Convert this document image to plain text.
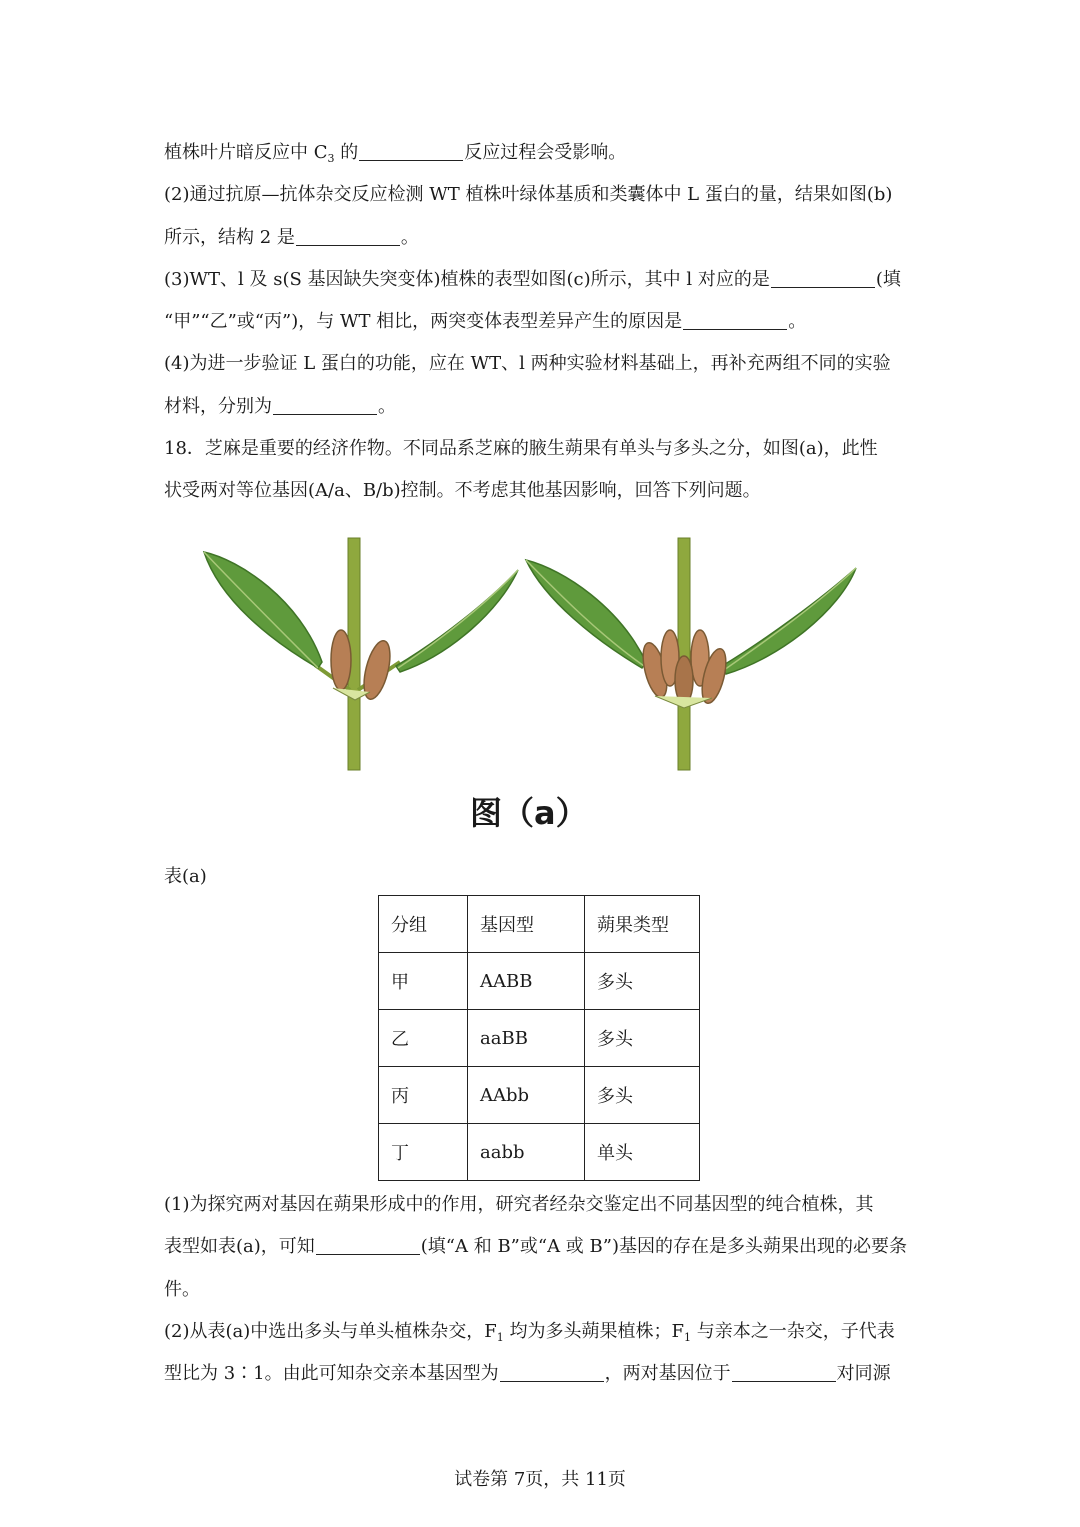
植株叶片暗反应中 $C_3$ 的	反应过程会受影响。
(2)通过抗原—抗体杂交反应检测 WT 植株叶绿体基质和类囊体中 L 蛋白的量，结果如图(b)
所示，结构 2 是	。
(3)WT、l 及 s(S 基因缺失突变体)植株的表型如图(c)所示，其中 l 对应的是	(填
“甲”“乙”或“丙”)，与 WT 相比，两突变体表型差异产生的原因是	。
(4)为进一步验证 L 蛋白的功能，应在 WT、l 两种实验材料基础上，再补充两组不同的实验
材料，分别为	。
18．芝麻是重要的经济作物。不同品系芝麻的腋生蒴果有单头与多头之分，如图(a)，此性
状受两对等位基因(A/a、B/b)控制。不考虑其他基因影响，回答下列问题。
图（a）
表(a)
分组	基因型	蒴果类型
甲	AABB	多头
乙	aaBB	多头
丙	AAbb	多头
丁	aabb	单头
(1)为探究两对基因在蒴果形成中的作用，研究者经杂交鉴定出不同基因型的纯合植株，其
表型如表(a)，可知	(填“A 和 B”或“A 或 B”)基因的存在是多头蒴果出现的必要条
件。
(2)从表(a)中选出多头与单头植株杂交，$F_1$ 均为多头蒴果植株；$F_1$ 与亲本之一杂交，子代表
型比为 3∶1。由此可知杂交亲本基因型为	，两对基因位于	对同源
试卷第 7页，共 11页
